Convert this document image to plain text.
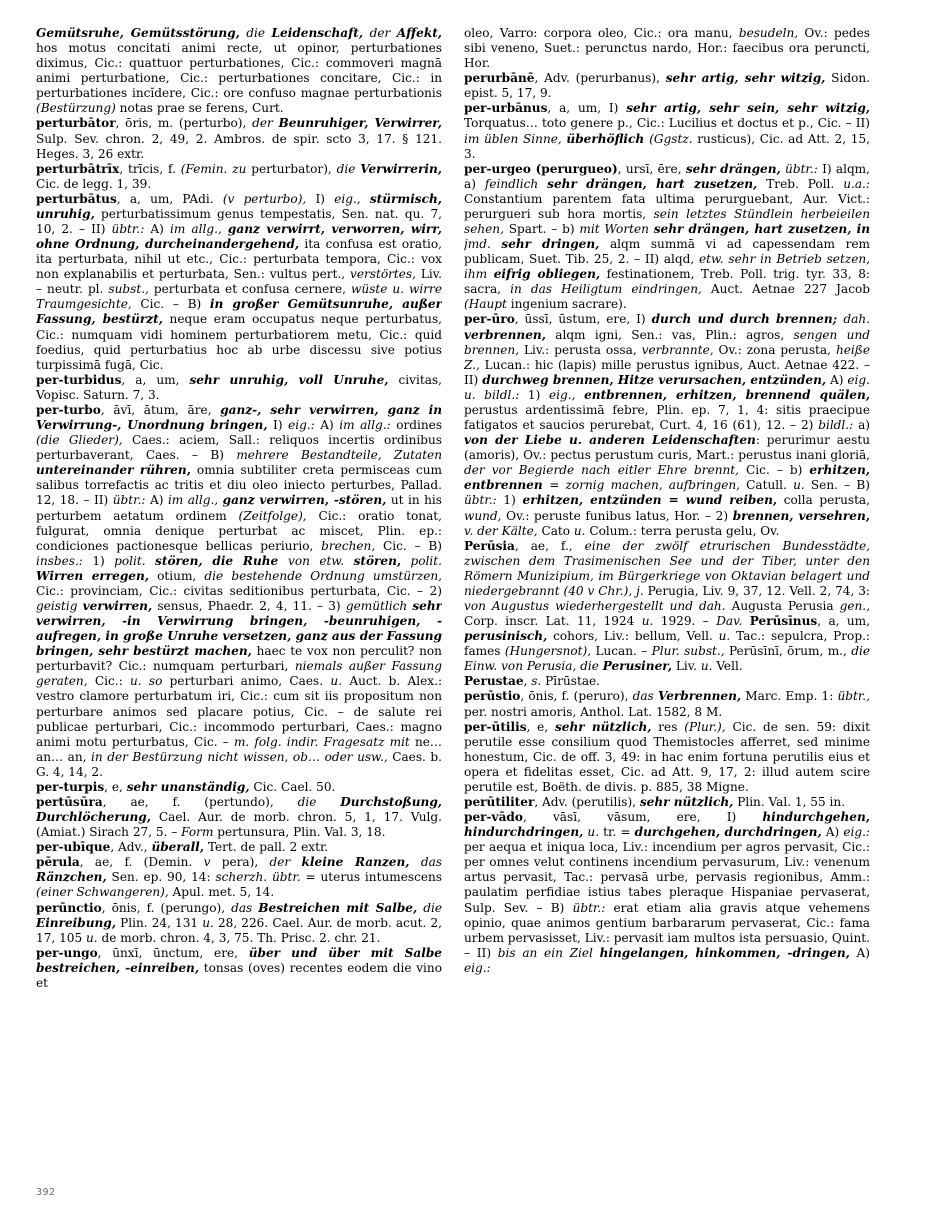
Gemütsruhe, Gemütsstörung, die Leidenschaft, der Affekt, hos motus concitati animi recte, ut opinor, perturbationes diximus, Cic.: quattuor perturbationes, Cic.: commoveri magnā animi perturbatione, Cic.: perturbationes concitare, Cic.: in perturbationes incĭdere, Cic.: ore confuso magnae perturbationis (Bestürzung) notas prae se ferens, Curt.

perturbātor, ōris, m. (perturbo), der Beunruhiger, Verwirrer, Sulp. Sev. chron. 2, 49, 2. Ambros. de spir. scto 3, 17. § 121. Heges. 3, 26 extr.

perturbātrīx, trīcis, f. (Femin. zu perturbator), die Verwirrerin, Cic. de legg. 1, 39.

perturbātus, a, um, PAdi. (v perturbo), I) eig., stürmisch, unruhig, perturbatissimum genus tempestatis, Sen. nat. qu. 7, 10, 2. – II) übtr.: A) im allg., ganz verwirrt, verworren, wirr, ohne Ordnung, durcheinandergehend, ita confusa est oratio, ita perturbata, nihil ut etc., Cic.: perturbata tempora, Cic.: vox non explanabilis et perturbata, Sen.: vultus pert., verstörtes, Liv. – neutr. pl. subst., perturbata et confusa cernere, wüste u. wirre Traumgesichte, Cic. – B) in großer Gemütsunruhe, außer Fassung, bestürzt, neque eram occupatus neque perturbatus, Cic.: numquam vidi hominem perturbatiorem metu, Cic.: quid foedius, quid perturbatius hoc ab urbe discessu sive potius turpissimā fugā, Cic.

per-turbidus, a, um, sehr unruhig, voll Unruhe, civitas, Vopisc. Saturn. 7, 3.

per-turbo, āvī, ātum, āre, ganz-, sehr verwirren, ganz in Verwirrung-, Unordnung bringen, I) eig.: A) im allg.: ordines (die Glieder), Caes.: aciem, Sall.: reliquos incertis ordinibus perturbaverant, Caes. – B) mehrere Bestandteile, Zutaten untereinander rühren, omnia subtiliter creta permisceas cum salibus torrefactis ac tritis et diu oleo iniecto perturbes, Pallad. 12, 18. – II) übtr.: A) im allg., ganz verwirren, -stören, ut in his perturbem aetatum ordinem (Zeitfolge), Cic.: oratio tonat, fulgurat, omnia denique perturbat ac miscet, Plin. ep.: condiciones pactionesque bellicas periurio, brechen, Cic. – B) insbes.: 1) polit. stören, die Ruhe von etw. stören, polit. Wirren erregen, otium, die bestehende Ordnung umstürzen, Cic.: provinciam, Cic.: civitas seditionibus perturbata, Cic. – 2) geistig verwirren, sensus, Phaedr. 2, 4, 11. – 3) gemütlich sehr verwirren, -in Verwirrung bringen, -beunruhigen, -aufregen, in große Unruhe versetzen, ganz aus der Fassung bringen, sehr bestürzt machen, haec te vox non perculit? non perturbavit? Cic.: numquam perturbari, niemals außer Fassung geraten, Cic.: u. so perturbari animo, Caes. u. Auct. b. Alex.: vestro clamore perturbatum iri, Cic.: cum sit iis propositum non perturbare animos sed placare potius, Cic. – de salute rei publicae perturbari, Cic.: incommodo perturbari, Caes.: magno animi motu perturbatus, Cic. – m. folg. indir. Fragesatz mit ne… an… an, in der Bestürzung nicht wissen, ob… oder usw., Caes. b. G. 4, 14, 2.

per-turpis, e, sehr unanständig, Cic. Cael. 50.

pertūsūra, ae, f. (pertundo), die Durchstoßung, Durchlöcherung, Cael. Aur. de morb. chron. 5, 1, 17. Vulg. (Amiat.) Sirach 27, 5. – Form pertunsura, Plin. Val. 3, 18.

per-ubīque, Adv., überall, Tert. de pall. 2 extr.

pērula, ae, f. (Demin. v pera), der kleine Ranzen, das Ränzchen, Sen. ep. 90, 14: scherzh. übtr. = uterus intumescens (einer Schwangeren), Apul. met. 5, 14.

perūnctio, ōnis, f. (perungo), das Bestreichen mit Salbe, die Einreibung, Plin. 24, 131 u. 28, 226. Cael. Aur. de morb. acut. 2, 17, 105 u. de morb. chron. 4, 3, 75. Th. Prisc. 2. chr. 21.

per-ungo, ūnxī, ūnctum, ere, über und über mit Salbe bestreichen, -einreiben, tonsas (oves) recentes eodem die vino et

oleo, Varro: corpora oleo, Cic.: ora manu, besudeln, Ov.: pedes sibi veneno, Suet.: perunctus nardo, Hor.: faecibus ora peruncti, Hor.

perurbānē, Adv. (perurbanus), sehr artig, sehr witzig, Sidon. epist. 5, 17, 9.

per-urbānus, a, um, I) sehr artig, sehr sein, sehr witzig, Torquatus… toto genere p., Cic.: Lucilius et doctus et p., Cic. – II) im üblen Sinne, überhöflich (Ggstz. rusticus), Cic. ad Att. 2, 15, 3.

per-urgeo (perurgueo), ursī, ēre, sehr drängen, übtr.: I) alqm, a) feindlich sehr drängen, hart zusetzen, Treb. Poll. u.a.: Constantium parentem fata ultima perurguebant, Aur. Vict.: perurgueri sub hora mortis, sein letztes Stündlein herbeieilen sehen, Spart. – b) mit Worten sehr drängen, hart zusetzen, in jmd. sehr dringen, alqm summā vi ad capessendam rem publicam, Suet. Tib. 25, 2. – II) alqd, etw. sehr in Betrieb setzen, ihm eifrig obliegen, festinationem, Treb. Poll. trig. tyr. 33, 8: sacra, in das Heiligtum eindringen, Auct. Aetnae 227 Jacob (Haupt ingenium sacrare).

per-ūro, ūssī, ūstum, ere, I) durch und durch brennen; dah. verbrennen, alqm igni, Sen.: vas, Plin.: agros, sengen und brennen, Liv.: perusta ossa, verbrannte, Ov.: zona perusta, heiße Z., Lucan.: hic (lapis) mille perustus ignibus, Auct. Aetnae 422. – II) durchweg brennen, Hitze verursachen, entzünden, A) eig. u. bildl.: 1) eig., entbrennen, erhitzen, brennend quälen, perustus ardentissimā febre, Plin. ep. 7, 1, 4: sitis praecipue fatigatos et saucios perurebat, Curt. 4, 16 (61), 12. – 2) bildl.: a) von der Liebe u. anderen Leidenschaften: perurimur aestu (amoris), Ov.: pectus perustum curis, Mart.: perustus inani gloriā, der vor Begierde nach eitler Ehre brennt, Cic. – b) erhitzen, entbrennen = zornig machen, aufbringen, Catull. u. Sen. – B) übtr.: 1) erhitzen, entzünden = wund reiben, colla perusta, wund, Ov.: peruste funibus latus, Hor. – 2) brennen, versehren, v. der Kälte, Cato u. Colum.: terra perusta gelu, Ov.

Perūsia, ae, f., eine der zwölf etrurischen Bundesstädte, zwischen dem Trasimenischen See und der Tiber, unter den Römern Munizipium, im Bürgerkriege von Oktavian belagert und niedergebrannt (40 v Chr.), j. Perugia, Liv. 9, 37, 12. Vell. 2, 74, 3: von Augustus wiederhergestellt und dah. Augusta Perusia gen., Corp. inscr. Lat. 11, 1924 u. 1929. – Dav. Perūsīnus, a, um, perusinisch, cohors, Liv.: bellum, Vell. u. Tac.: sepulcra, Prop.: fames (Hungersnot), Lucan. – Plur. subst., Perūsīnī, ōrum, m., die Einw. von Perusia, die Perusiner, Liv. u. Vell.

Perustae, s. Pīrūstae.

perūstio, ōnis, f. (peruro), das Verbrennen, Marc. Emp. 1: übtr., per. nostri amoris, Anthol. Lat. 1582, 8 M.

per-ūtilis, e, sehr nützlich, res (Plur.), Cic. de sen. 59: dixit perutile esse consilium quod Themistocles afferret, sed minime honestum, Cic. de off. 3, 49: in hac enim fortuna perutilis eius et opera et fidelitas esset, Cic. ad Att. 9, 17, 2: illud autem scire perutile est, Boëth. de divis. p. 885, 38 Migne.

perūtiliter, Adv. (perutilis), sehr nützlich, Plin. Val. 1, 55 in.

per-vādo, vāsī, vāsum, ere, I) hindurchgehen, hindurchdringen, u. tr. = durchgehen, durchdringen, A) eig.: per aequa et iniqua loca, Liv.: incendium per agros pervasit, Cic.: per omnes velut continens incendium pervasurum, Liv.: venenum artus pervasit, Tac.: pervasā urbe, pervasis regionibus, Amm.: paulatim perfidiae istius tabes pleraque Hispaniae pervaserat, Sulp. Sev. – B) übtr.: erat etiam alia gravis atque vehemens opinio, quae animos gentium barbararum pervaserat, Cic.: fama urbem pervasisset, Liv.: pervasit iam multos ista persuasio, Quint. – II) bis an ein Ziel hingelangen, hinkommen, -dringen, A) eig.:

392
